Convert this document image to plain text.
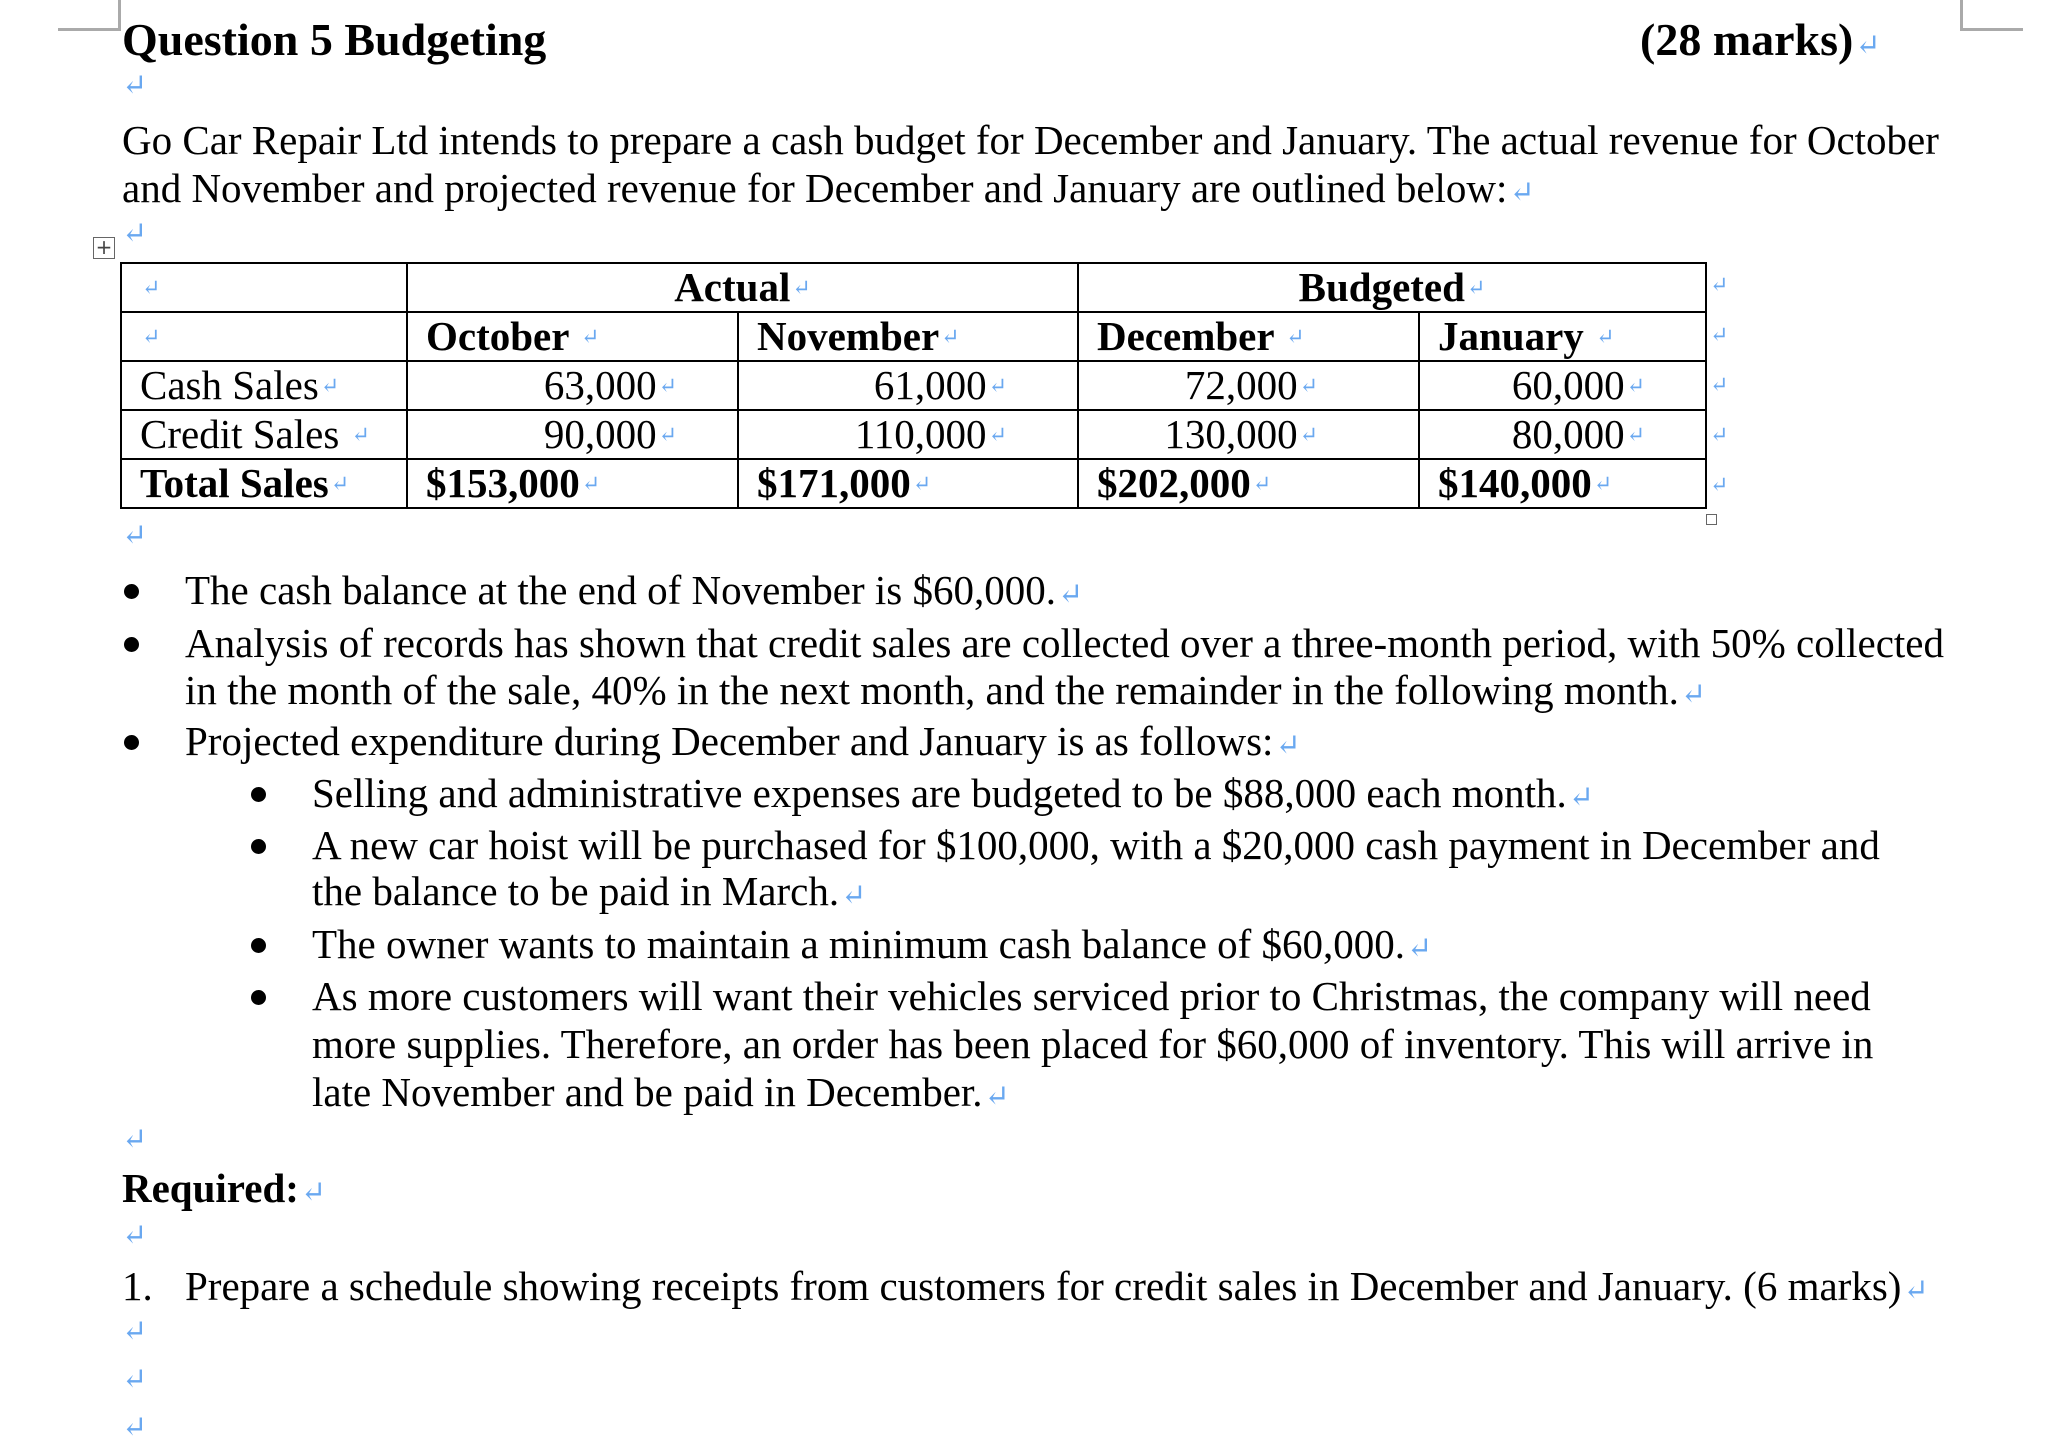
Question 5 Budgeting	(28 marks)↵
↵
Go Car Repair Ltd intends to prepare a cash budget for December and January. The actual revenue for October
and November and projected revenue for December and January are outlined below:↵
+ ↵
↵	Actual↵		Budgeted↵	
↵	October ↵	November↵	December ↵	January ↵
Cash Sales↵	63,000↵	61,000↵	72,000↵	60,000↵
Credit Sales ↵	90,000↵	110,000↵	130,000↵	80,000↵
Total Sales↵	$153,000↵	$171,000↵	$202,000↵	$140,000↵
↵
↵
↵
↵
↵
↵
The cash balance at the end of November is $60,000.↵
Analysis of records has shown that credit sales are collected over a three-month period, with 50% collected
in the month of the sale, 40% in the next month, and the remainder in the following month.↵
Projected expenditure during December and January is as follows:↵
Selling and administrative expenses are budgeted to be $88,000 each month.↵
A new car hoist will be purchased for $100,000, with a $20,000 cash payment in December and
the balance to be paid in March.↵
The owner wants to maintain a minimum cash balance of $60,000.↵
As more customers will want their vehicles serviced prior to Christmas, the company will need
more supplies. Therefore, an order has been placed for $60,000 of inventory. This will arrive in
late November and be paid in December.↵
↵
Required:↵
↵
1. Prepare a schedule showing receipts from customers for credit sales in December and January. (6 marks)↵
↵
↵
↵
